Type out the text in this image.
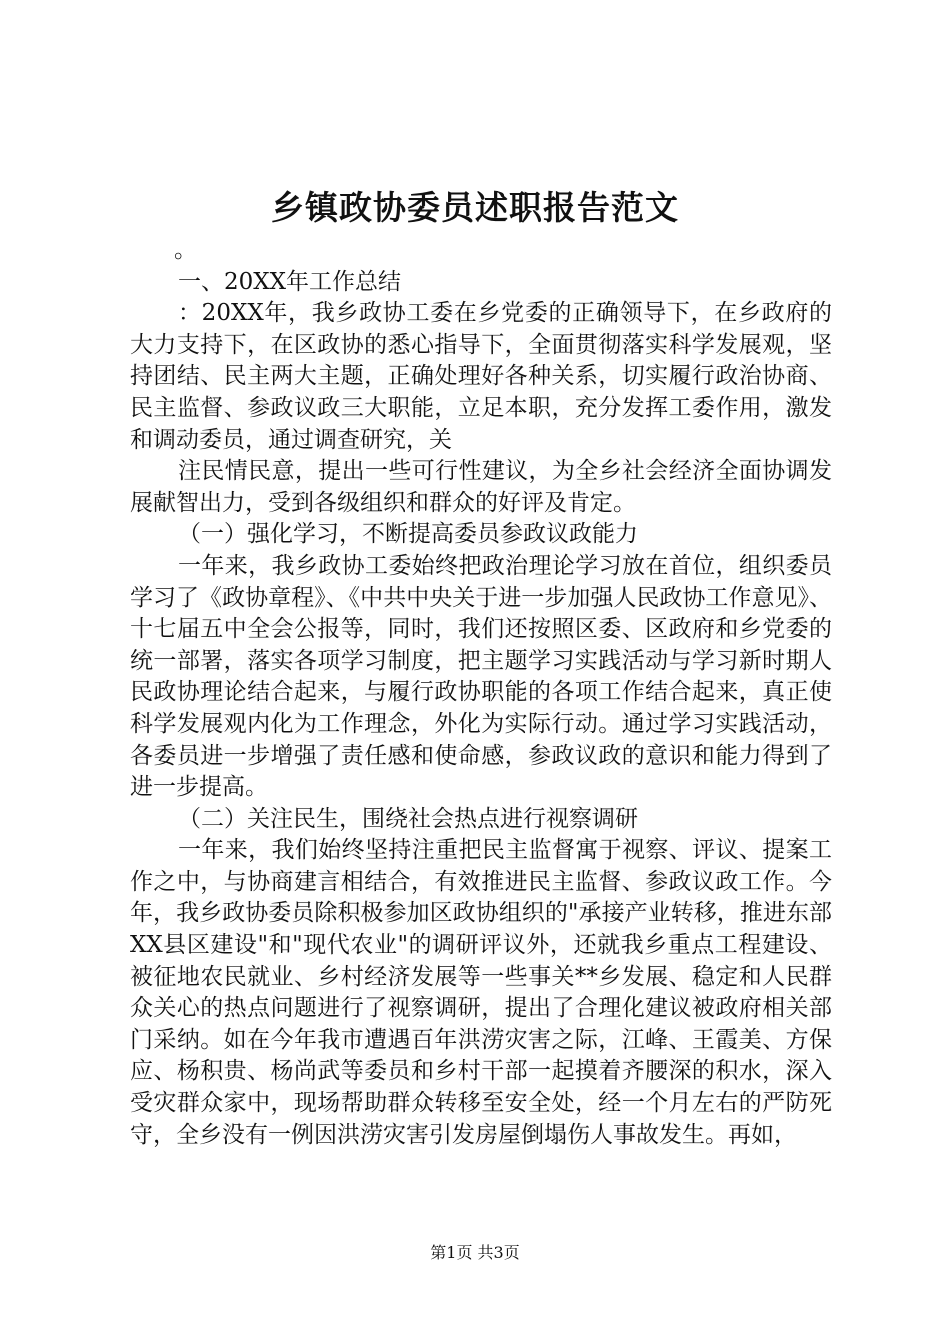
乡镇政协委员述职报告范文

。

一、20XX年工作总结

：20XX年，我乡政协工委在乡党委的正确领导下，在乡政府的大力支持下，在区政协的悉心指导下，全面贯彻落实科学发展观，坚持团结、民主两大主题，正确处理好各种关系，切实履行政治协商、民主监督、参政议政三大职能，立足本职，充分发挥工委作用，激发和调动委员，通过调查研究，关

注民情民意，提出一些可行性建议，为全乡社会经济全面协调发展献智出力，受到各级组织和群众的好评及肯定。

（一）强化学习，不断提高委员参政议政能力

一年来，我乡政协工委始终把政治理论学习放在首位，组织委员学习了《政协章程》、《中共中央关于进一步加强人民政协工作意见》、十七届五中全会公报等，同时，我们还按照区委、区政府和乡党委的统一部署，落实各项学习制度，把主题学习实践活动与学习新时期人民政协理论结合起来，与履行政协职能的各项工作结合起来，真正使科学发展观内化为工作理念，外化为实际行动。通过学习实践活动，各委员进一步增强了责任感和使命感，参政议政的意识和能力得到了进一步提高。

（二）关注民生，围绕社会热点进行视察调研

一年来，我们始终坚持注重把民主监督寓于视察、评议、提案工作之中，与协商建言相结合，有效推进民主监督、参政议政工作。今年，我乡政协委员除积极参加区政协组织的"承接产业转移，推进东部XX县区建设"和"现代农业"的调研评议外，还就我乡重点工程建设、被征地农民就业、乡村经济发展等一些事关**乡发展、稳定和人民群众关心的热点问题进行了视察调研，提出了合理化建议被政府相关部门采纳。如在今年我市遭遇百年洪涝灾害之际，江峰、王霞美、方保应、杨积贵、杨尚武等委员和乡村干部一起摸着齐腰深的积水，深入受灾群众家中，现场帮助群众转移至安全处，经一个月左右的严防死守，全乡没有一例因洪涝灾害引发房屋倒塌伤人事故发生。再如，

第1页 共3页
